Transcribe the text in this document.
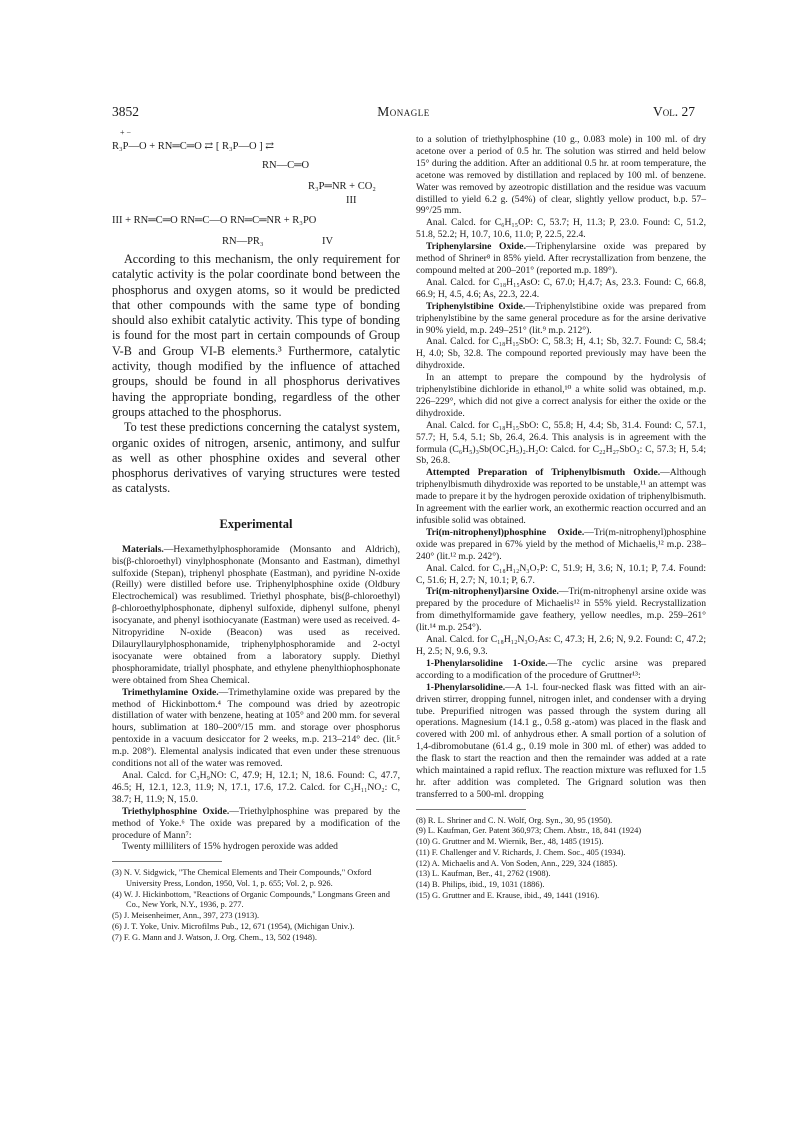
3852	Monagle	Vol. 27
+ −
R₃P—O + RN═C═O ⇄ [ R₃P—O ] ⇄
RN—C═O
R₃P═NR + CO₂
III
III + RN═C═O RN═C—O RN═C═NR + R₃PO
RN—PR₃	IV

According to this mechanism, the only requirement for catalytic activity is the polar coordinate bond between the phosphorus and oxygen atoms, so it would be predicted that other compounds with the same type of bonding should also exhibit catalytic activity. This type of bonding is found for the most part in certain compounds of Group V-B and Group VI-B elements.³ Furthermore, catalytic activity, though modified by the influence of attached groups, should be found in all phosphorus derivatives having the appropriate bonding, regardless of the other groups attached to the phosphorus.

To test these predictions concerning the catalyst system, organic oxides of nitrogen, arsenic, antimony, and sulfur as well as other phosphine oxides and several other phosphorus derivatives of varying structures were tested as catalysts.

Experimental

Materials.—Hexamethylphosphoramide (Monsanto and Aldrich), bis(β-chloroethyl) vinylphosphonate (Monsanto and Eastman), dimethyl sulfoxide (Stepan), triphenyl phosphate (Eastman), and pyridine N-oxide (Reilly) were distilled before use. Triphenylphosphine oxide (Oldbury Electrochemical) was resublimed. Triethyl phosphate, bis(β-chloroethyl) β-chloroethylphosphonate, diphenyl sulfoxide, diphenyl sulfone, phenyl isocyanate, and phenyl isothiocyanate (Eastman) were used as received. 4-Nitropyridine N-oxide (Beacon) was used as received. Dilauryllaurylphosphonamide, triphenylphosphoramide and 2-octyl isocyanate were obtained from a laboratory supply. Diethyl phosphoramidate, triallyl phosphate, and ethylene phenylthiophosphonate were obtained from Shea Chemical.

Trimethylamine Oxide.—Trimethylamine oxide was prepared by the method of Hickinbottom.⁴ The compound was dried by azeotropic distillation of water with benzene, heating at 105° and 200 mm. for several hours, sublimation at 180–200°/15 mm. and storage over phosphorus pentoxide in a vacuum desiccator for 2 weeks, m.p. 213–214° dec. (lit.⁵ m.p. 208°). Elemental analysis indicated that even under these strenuous conditions not all of the water was removed.

Anal. Calcd. for C₃H₉NO: C, 47.9; H, 12.1; N, 18.6. Found: C, 47.7, 46.5; H, 12.1, 12.3, 11.9; N, 17.1, 17.6, 17.2. Calcd. for C₃H₁₁NO₂: C, 38.7; H, 11.9; N, 15.0.

Triethylphosphine Oxide.—Triethylphosphine was prepared by the method of Yoke.⁶ The oxide was prepared by a modification of the procedure of Mann⁷:

Twenty milliliters of 15% hydrogen peroxide was added

(3) N. V. Sidgwick, "The Chemical Elements and Their Compounds," Oxford University Press, London, 1950, Vol. 1, p. 655; Vol. 2, p. 926.
(4) W. J. Hickinbottom, "Reactions of Organic Compounds," Longmans Green and Co., New York, N.Y., 1936, p. 277.
(5) J. Meisenheimer, Ann., 397, 273 (1913).
(6) J. T. Yoke, Univ. Microfilms Pub., 12, 671 (1954), (Michigan Univ.).
(7) F. G. Mann and J. Watson, J. Org. Chem., 13, 502 (1948).

to a solution of triethylphosphine (10 g., 0.083 mole) in 100 ml. of dry acetone over a period of 0.5 hr. The solution was stirred and held below 15° during the addition. After an additional 0.5 hr. at room temperature, the acetone was removed by distillation and replaced by 100 ml. of benzene. Water was removed by azeotropic distillation and the residue was vacuum distilled to yield 6.2 g. (54%) of clear, slightly yellow product, b.p. 57–99°/25 mm.

Anal. Calcd. for C₆H₁₅OP: C, 53.7; H, 11.3; P, 23.0. Found: C, 51.2, 51.8, 52.2; H, 10.7, 10.6, 11.0; P, 22.5, 22.4.

Triphenylarsine Oxide.—Triphenylarsine oxide was prepared by method of Shriner⁸ in 85% yield. After recrystallization from benzene, the compound melted at 200–201° (reported m.p. 189°).

Anal. Calcd. for C₁₈H₁₅AsO: C, 67.0; H,4.7; As, 23.3. Found: C, 66.8, 66.9; H, 4.5, 4.6; As, 22.3, 22.4.

Triphenylstibine Oxide.—Triphenylstibine oxide was prepared from triphenylstibine by the same general procedure as for the arsine derivative in 90% yield, m.p. 249–251° (lit.⁹ m.p. 212°).

Anal. Calcd. for C₁₈H₁₅SbO: C, 58.3; H, 4.1; Sb, 32.7. Found: C, 58.4; H, 4.0; Sb, 32.8. The compound reported previously may have been the dihydroxide.

In an attempt to prepare the compound by the hydrolysis of triphenylstibine dichloride in ethanol,¹⁰ a white solid was obtained, m.p. 226–229°, which did not give a correct analysis for either the oxide or the dihydroxide.

Anal. Calcd. for C₁₈H₁₅SbO: C, 55.8; H, 4.4; Sb, 31.4. Found: C, 57.1, 57.7; H, 5.4, 5.1; Sb, 26.4, 26.4. This analysis is in agreement with the formula (C₆H₅)₃Sb(OC₂H₅)₂.H₂O: Calcd. for C₂₂H₂₇SbO₃: C, 57.3; H, 5.4; Sb, 26.8.

Attempted Preparation of Triphenylbismuth Oxide.—Although triphenylbismuth dihydroxide was reported to be unstable,¹¹ an attempt was made to prepare it by the hydrogen peroxide oxidation of triphenylbismuth. In agreement with the earlier work, an exothermic reaction occurred and an infusible solid was obtained.

Tri(m-nitrophenyl)phosphine Oxide.—Tri(m-nitrophenyl)phosphine oxide was prepared in 67% yield by the method of Michaelis,¹² m.p. 238–240° (lit.¹² m.p. 242°).

Anal. Calcd. for C₁₈H₁₂N₃O₇P: C, 51.9; H, 3.6; N, 10.1; P, 7.4. Found: C, 51.6; H, 2.7; N, 10.1; P, 6.7.

Tri(m-nitrophenyl)arsine Oxide.—Tri(m-nitrophenyl arsine oxide was prepared by the procedure of Michaelis¹² in 55% yield. Recrystallization from dimethylformamide gave feathery, yellow needles, m.p. 259–261° (lit.¹⁴ m.p. 254°).

Anal. Calcd. for C₁₈H₁₂N₃O₇As: C, 47.3; H, 2.6; N, 9.2. Found: C, 47.2; H, 2.5; N, 9.6, 9.3.

1-Phenylarsolidine 1-Oxide.—The cyclic arsine was prepared according to a modification of the procedure of Gruttner¹³:

1-Phenylarsolidine.—A 1-l. four-necked flask was fitted with an air-driven stirrer, dropping funnel, nitrogen inlet, and condenser with a drying tube. Prepurified nitrogen was passed through the system during all operations. Magnesium (14.1 g., 0.58 g.-atom) was placed in the flask and covered with 200 ml. of anhydrous ether. A small portion of a solution of 1,4-dibromobutane (61.4 g., 0.19 mole in 300 ml. of ether) was added to the flask to start the reaction and then the remainder was added at a rate which maintained a rapid reflux. The reaction mixture was refluxed for 1.5 hr. after addition was completed. The Grignard solution was then transferred to a 500-ml. dropping

(8) R. L. Shriner and C. N. Wolf, Org. Syn., 30, 95 (1950).
(9) L. Kaufman, Ger. Patent 360,973; Chem. Abstr., 18, 841 (1924)
(10) G. Gruttner and M. Wiernik, Ber., 48, 1485 (1915).
(11) F. Challenger and V. Richards, J. Chem. Soc., 405 (1934).
(12) A. Michaelis and A. Von Soden, Ann., 229, 324 (1885).
(13) L. Kaufman, Ber., 41, 2762 (1908).
(14) B. Philips, ibid., 19, 1031 (1886).
(15) G. Gruttner and E. Krause, ibid., 49, 1441 (1916).
